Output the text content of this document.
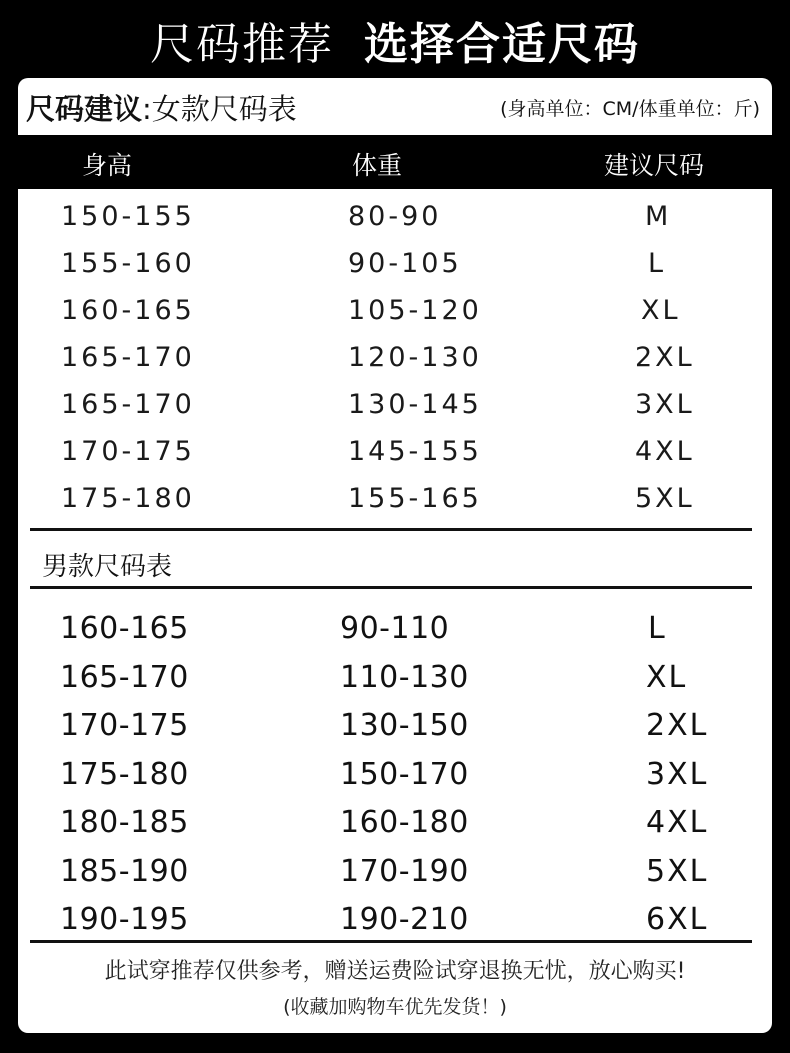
尺码推荐 选择合适尺码
尺码建议:女款尺码表	(身高单位：CM/体重单位：斤)
身高	体重	建议尺码
150-155	80-90	M
155-160	90-105	L
160-165	105-120	XL
165-170	120-130	2XL
165-170	130-145	3XL
170-175	145-155	4XL
175-180	155-165	5XL
男款尺码表
160-165	90-110	L
165-170	110-130	XL
170-175	130-150	2XL
175-180	150-170	3XL
180-185	160-180	4XL
185-190	170-190	5XL
190-195	190-210	6XL
此试穿推荐仅供参考，赠送运费险试穿退换无忧，放心购买!
(收藏加购物车优先发货！)
